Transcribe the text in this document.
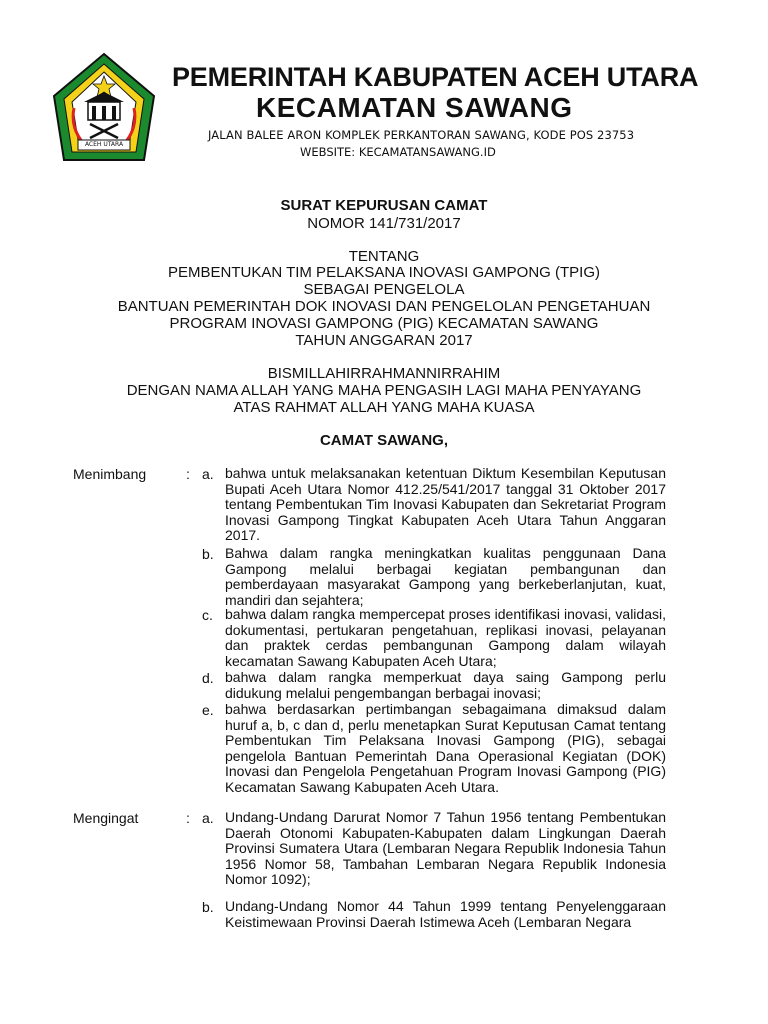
ACEH UTARA
PEMERINTAH KABUPATEN ACEH UTARA
KECAMATAN SAWANG
JALAN BALEE ARON KOMPLEK PERKANTORAN SAWANG, KODE POS 23753
WEBSITE: KECAMATANSAWANG.ID
SURAT KEPURUSAN CAMAT
NOMOR 141/731/2017
TENTANG
PEMBENTUKAN TIM PELAKSANA INOVASI GAMPONG (TPIG)
SEBAGAI PENGELOLA
BANTUAN PEMERINTAH DOK INOVASI DAN PENGELOLAN PENGETAHUAN
PROGRAM INOVASI GAMPONG (PIG) KECAMATAN SAWANG
TAHUN ANGGARAN 2017
BISMILLAHIRRAHMANNIRRAHIM
DENGAN NAMA ALLAH YANG MAHA PENGASIH LAGI MAHA PENYAYANG
ATAS RAHMAT ALLAH YANG MAHA KUASA
CAMAT SAWANG,
Menimbang	: a. bahwa untuk melaksanakan ketentuan Diktum Kesembilan Keputusan Bupati Aceh Utara Nomor 412.25/541/2017 tanggal 31 Oktober 2017 tentang Pembentukan Tim Inovasi Kabupaten dan Sekretariat Program Inovasi Gampong Tingkat Kabupaten Aceh Utara Tahun Anggaran 2017.
b. Bahwa dalam rangka meningkatkan kualitas penggunaan Dana Gampong melalui berbagai kegiatan pembangunan dan pemberdayaan masyarakat Gampong yang berkeberlanjutan, kuat, mandiri dan sejahtera;
c. bahwa dalam rangka mempercepat proses identifikasi inovasi, validasi, dokumentasi, pertukaran pengetahuan, replikasi inovasi, pelayanan dan praktek cerdas pembangunan Gampong dalam wilayah kecamatan Sawang Kabupaten Aceh Utara;
d. bahwa dalam rangka memperkuat daya saing Gampong perlu didukung melalui pengembangan berbagai inovasi;
e. bahwa berdasarkan pertimbangan sebagaimana dimaksud dalam huruf a, b, c dan d, perlu menetapkan Surat Keputusan Camat tentang Pembentukan Tim Pelaksana Inovasi Gampong (PIG), sebagai pengelola Bantuan Pemerintah Dana Operasional Kegiatan (DOK) Inovasi dan Pengelola Pengetahuan Program Inovasi Gampong (PIG) Kecamatan Sawang Kabupaten Aceh Utara.
Mengingat	: a. Undang-Undang Darurat Nomor 7 Tahun 1956 tentang Pembentukan Daerah Otonomi Kabupaten-Kabupaten dalam Lingkungan Daerah Provinsi Sumatera Utara (Lembaran Negara Republik Indonesia Tahun 1956 Nomor 58, Tambahan Lembaran Negara Republik Indonesia Nomor 1092);
b. Undang-Undang Nomor 44 Tahun 1999 tentang Penyelenggaraan Keistimewaan Provinsi Daerah Istimewa Aceh (Lembaran Negara
